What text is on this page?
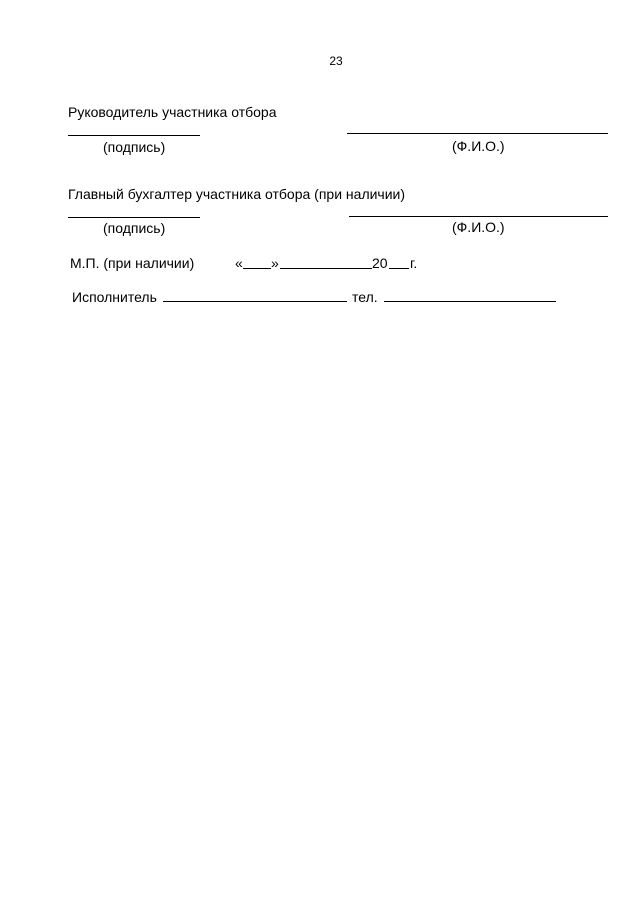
23
Руководитель участника отбора
(подпись)	(Ф.И.О.)
Главный бухгалтер участника отбора (при наличии)
(подпись)	(Ф.И.О.)
М.П. (при наличии)	« »	20 г.
Исполнитель	тел.
